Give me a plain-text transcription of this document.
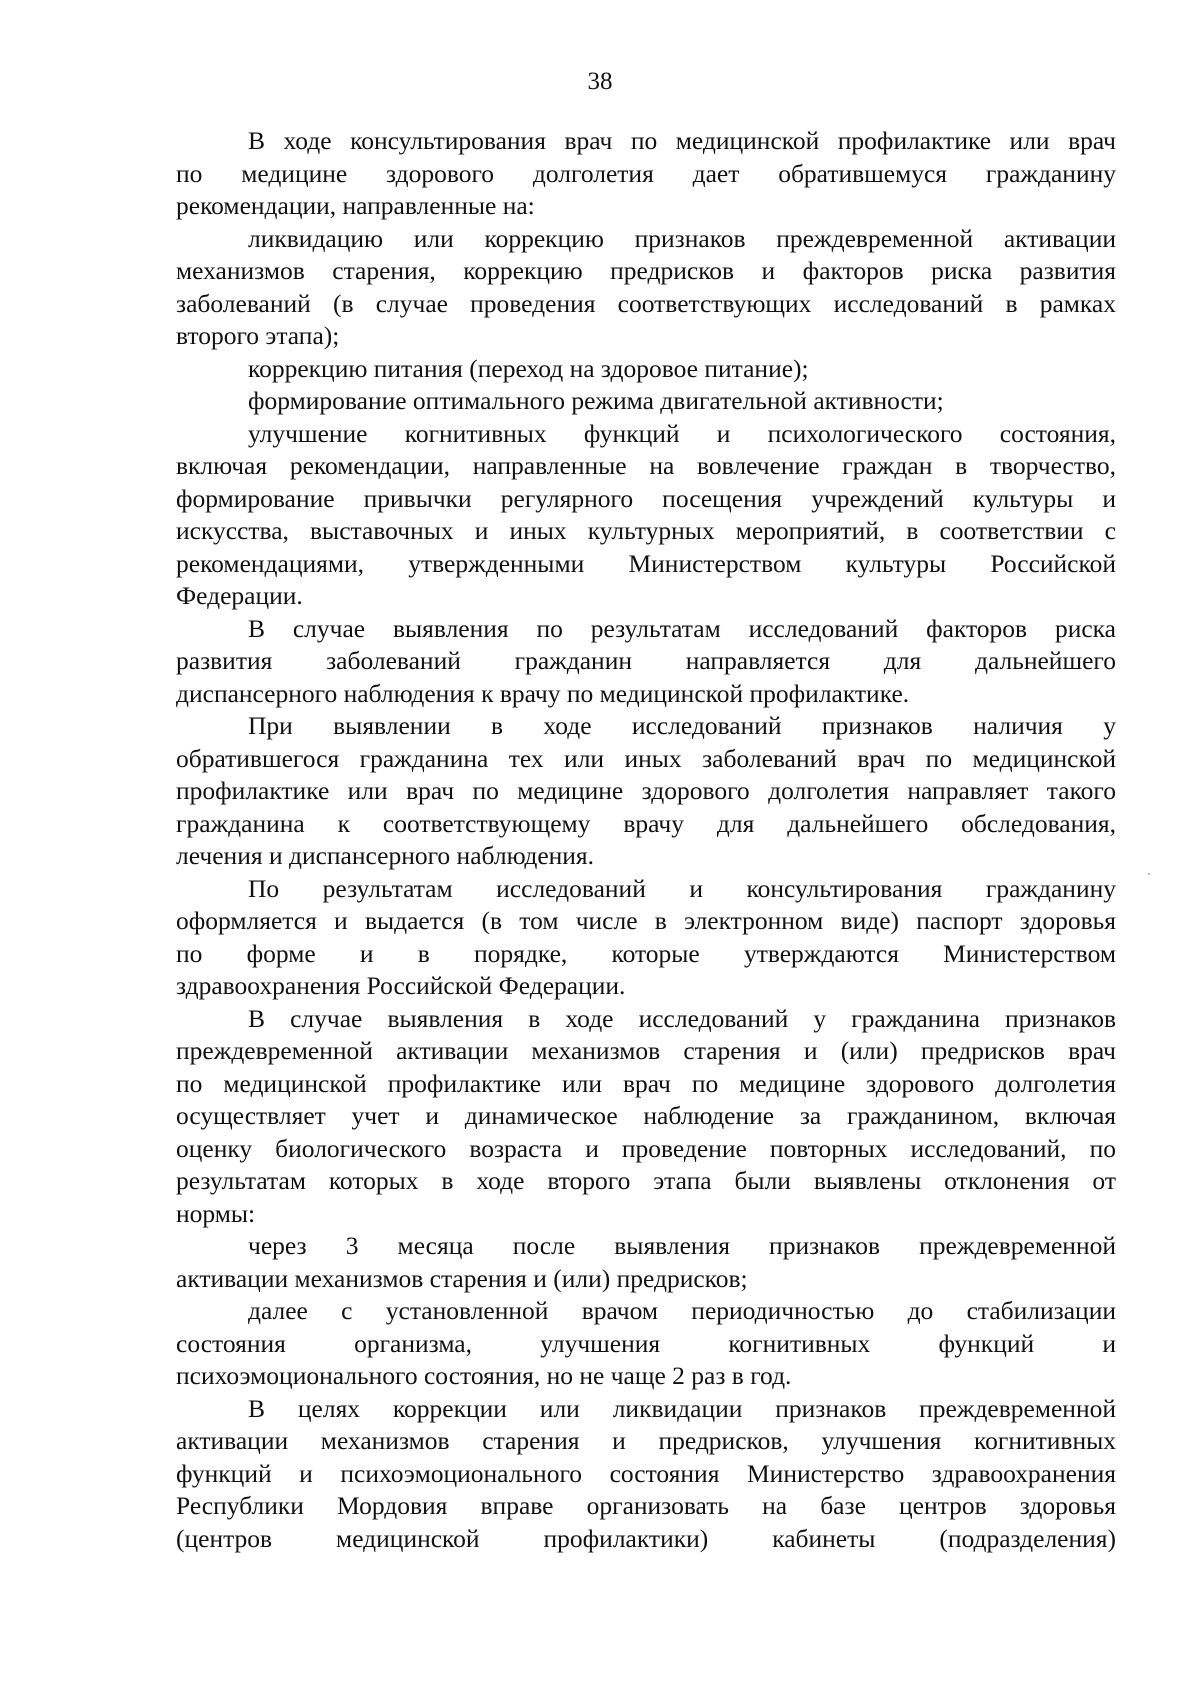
38
В ходе консультирования врач по медицинской профилактике или врач
по медицине здорового долголетия дает обратившемуся гражданину
рекомендации, направленные на:
ликвидацию или коррекцию признаков преждевременной активации
механизмов старения, коррекцию предрисков и факторов риска развития
заболеваний (в случае проведения соответствующих исследований в рамках
второго этапа);
коррекцию питания (переход на здоровое питание);
формирование оптимального режима двигательной активности;
улучшение когнитивных функций и психологического состояния,
включая рекомендации, направленные на вовлечение граждан в творчество,
формирование привычки регулярного посещения учреждений культуры и
искусства, выставочных и иных культурных мероприятий, в соответствии с
рекомендациями, утвержденными Министерством культуры Российской
Федерации.
В случае выявления по результатам исследований факторов риска
развития заболеваний гражданин направляется для дальнейшего
диспансерного наблюдения к врачу по медицинской профилактике.
При выявлении в ходе исследований признаков наличия у
обратившегося гражданина тех или иных заболеваний врач по медицинской
профилактике или врач по медицине здорового долголетия направляет такого
гражданина к соответствующему врачу для дальнейшего обследования,
лечения и диспансерного наблюдения.
По результатам исследований и консультирования гражданину
оформляется и выдается (в том числе в электронном виде) паспорт здоровья
по форме и в порядке, которые утверждаются Министерством
здравоохранения Российской Федерации.
В случае выявления в ходе исследований у гражданина признаков
преждевременной активации механизмов старения и (или) предрисков врач
по медицинской профилактике или врач по медицине здорового долголетия
осуществляет учет и динамическое наблюдение за гражданином, включая
оценку биологического возраста и проведение повторных исследований, по
результатам которых в ходе второго этапа были выявлены отклонения от
нормы:
через 3 месяца после выявления признаков преждевременной
активации механизмов старения и (или) предрисков;
далее с установленной врачом периодичностью до стабилизации
состояния организма, улучшения когнитивных функций и
психоэмоционального состояния, но не чаще 2 раз в год.
В целях коррекции или ликвидации признаков преждевременной
активации механизмов старения и предрисков, улучшения когнитивных
функций и психоэмоционального состояния Министерство здравоохранения
Республики Мордовия вправе организовать на базе центров здоровья
(центров медицинской профилактики) кабинеты (подразделения)
